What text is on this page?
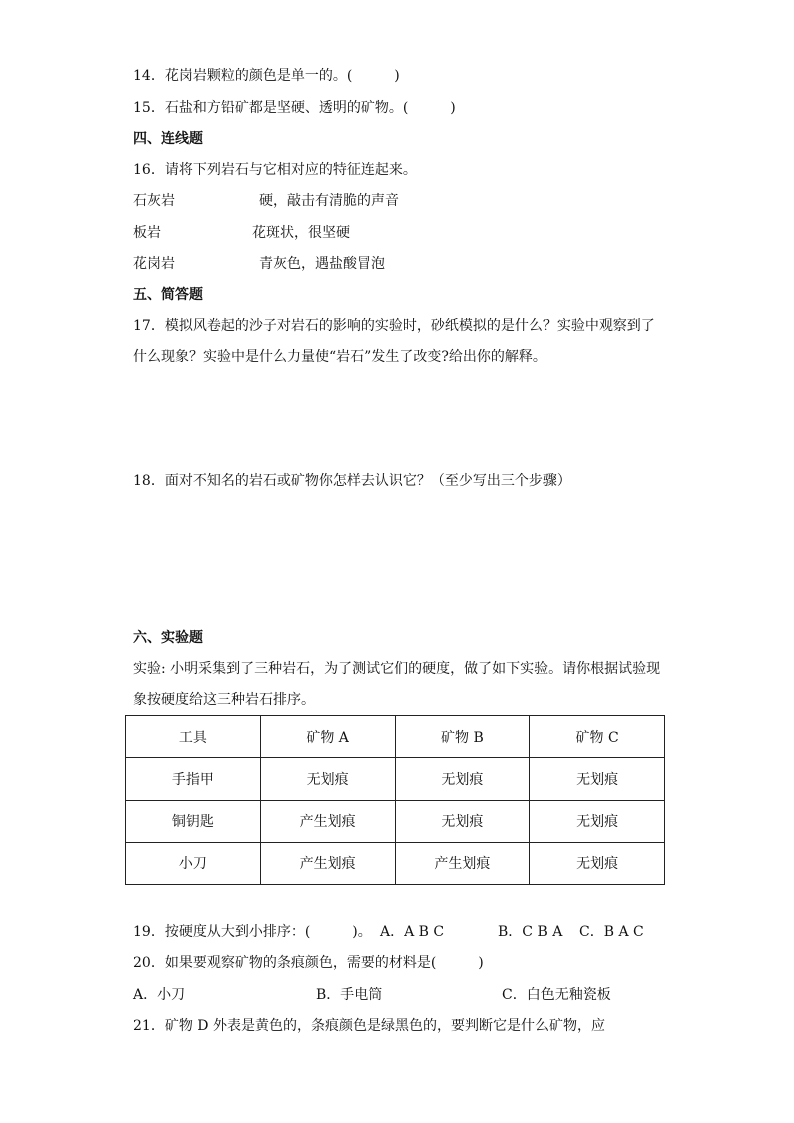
14．花岗岩颗粒的颜色是单一的。(　　　)
15．石盐和方铅矿都是坚硬、透明的矿物。(　　　)
四、连线题
16．请将下列岩石与它相对应的特征连起来。
石灰岩	硬，敲击有清脆的声音
板岩	花斑状，很坚硬
花岗岩	青灰色，遇盐酸冒泡
五、简答题
17．模拟风卷起的沙子对岩石的影响的实验时，砂纸模拟的是什么？实验中观察到了
什么现象？实验中是什么力量使“岩石”发生了改变?给出你的解释。
18．面对不知名的岩石或矿物你怎样去认识它？（至少写出三个步骤）
六、实验题
实验: 小明采集到了三种岩石，为了测试它们的硬度，做了如下实验。请你根据试验现
象按硬度给这三种岩石排序。
工具	矿物 A	矿物 B	矿物 C
手指甲	无划痕	无划痕	无划痕
铜钥匙	产生划痕	无划痕	无划痕
小刀	产生划痕	产生划痕	无划痕
19．按硬度从大到小排序：(　　　)。 A．A B C	B．C B A C．B A C
20．如果要观察矿物的条痕颜色，需要的材料是(　　　)
A．小刀	B．手电筒	C．白色无釉瓷板
21．矿物 D 外表是黄色的，条痕颜色是绿黑色的，要判断它是什么矿物，应
